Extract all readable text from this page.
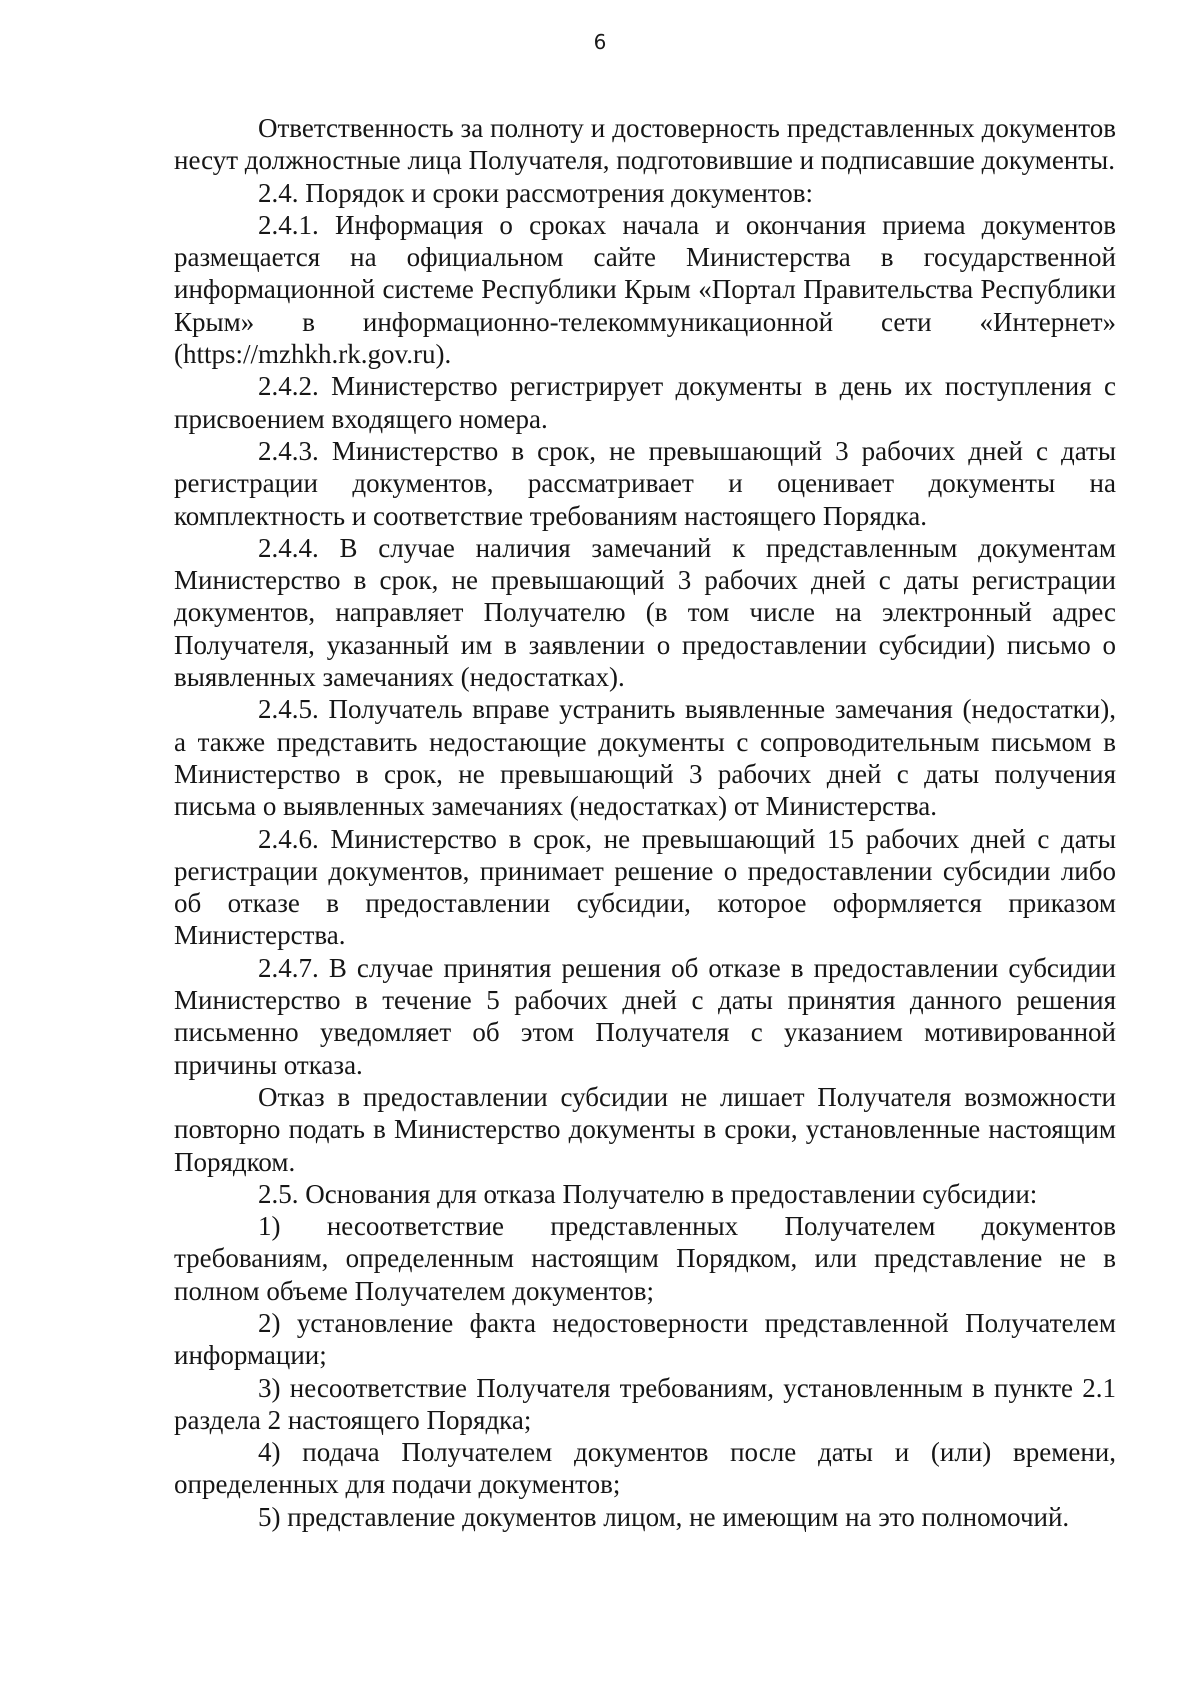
6

Ответственность за полноту и достоверность представленных документов несут должностные лица Получателя, подготовившие и подписавшие документы.

2.4. Порядок и сроки рассмотрения документов:

2.4.1. Информация о сроках начала и окончания приема документов размещается на официальном сайте Министерства в государственной информационной системе Республики Крым «Портал Правительства Республики Крым» в информационно-телекоммуникационной сети «Интернет» (https://mzhkh.rk.gov.ru).

2.4.2. Министерство регистрирует документы в день их поступления с присвоением входящего номера.

2.4.3. Министерство в срок, не превышающий 3 рабочих дней с даты регистрации документов, рассматривает и оценивает документы на комплектность и соответствие требованиям настоящего Порядка.

2.4.4. В случае наличия замечаний к представленным документам Министерство в срок, не превышающий 3 рабочих дней с даты регистрации документов, направляет Получателю (в том числе на электронный адрес Получателя, указанный им в заявлении о предоставлении субсидии) письмо о выявленных замечаниях (недостатках).

2.4.5. Получатель вправе устранить выявленные замечания (недостатки), а также представить недостающие документы с сопроводительным письмом в Министерство в срок, не превышающий 3 рабочих дней с даты получения письма о выявленных замечаниях (недостатках) от Министерства.

2.4.6. Министерство в срок, не превышающий 15 рабочих дней с даты регистрации документов, принимает решение о предоставлении субсидии либо об отказе в предоставлении субсидии, которое оформляется приказом Министерства.

2.4.7. В случае принятия решения об отказе в предоставлении субсидии Министерство в течение 5 рабочих дней с даты принятия данного решения письменно уведомляет об этом Получателя с указанием мотивированной причины отказа.

Отказ в предоставлении субсидии не лишает Получателя возможности повторно подать в Министерство документы в сроки, установленные настоящим Порядком.

2.5. Основания для отказа Получателю в предоставлении субсидии:

1) несоответствие представленных Получателем документов требованиям, определенным настоящим Порядком, или представление не в полном объеме Получателем документов;

2) установление факта недостоверности представленной Получателем информации;

3) несоответствие Получателя требованиям, установленным в пункте 2.1 раздела 2 настоящего Порядка;

4) подача Получателем документов после даты и (или) времени, определенных для подачи документов;

5) представление документов лицом, не имеющим на это полномочий.
